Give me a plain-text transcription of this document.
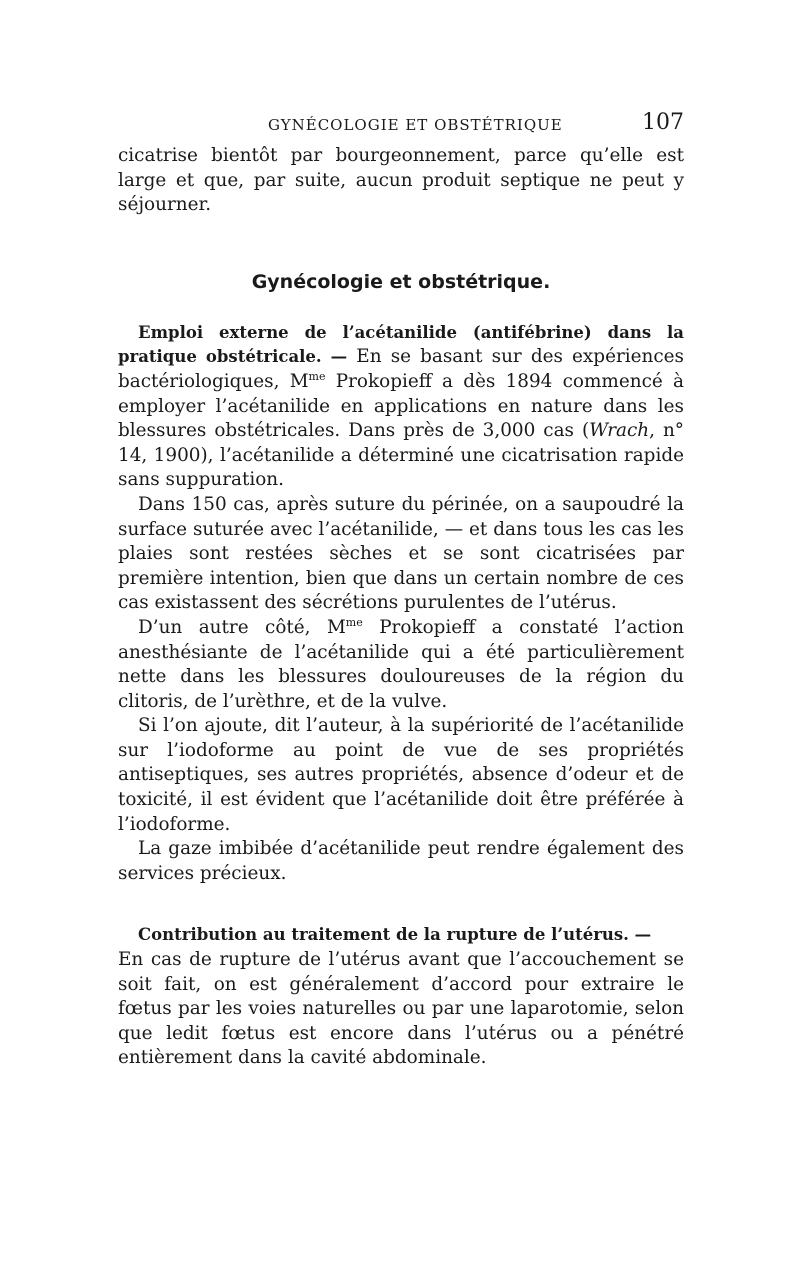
GYNÉCOLOGIE ET OBSTÉTRIQUE	107

cicatrise bientôt par bourgeonnement, parce qu’elle est large et que, par suite, aucun produit septique ne peut y séjourner.

Gynécologie et obstétrique.

Emploi externe de l’acétanilide (antifébrine) dans la pratique obstétricale. — En se basant sur des expériences bactériologiques, $M^{me}$ Prokopieff a dès 1894 commencé à employer l’acétanilide en applications en nature dans les blessures obstétricales. Dans près de 3,000 cas (Wrach, n° 14, 1900), l’acétanilide a déterminé une cicatrisation rapide sans suppuration.

Dans 150 cas, après suture du périnée, on a saupoudré la surface suturée avec l’acétanilide, — et dans tous les cas les plaies sont restées sèches et se sont cicatrisées par première intention, bien que dans un certain nombre de ces cas existassent des sécrétions purulentes de l’utérus.

D’un autre côté, $M^{me}$ Prokopieff a constaté l’action anesthésiante de l’acétanilide qui a été particulièrement nette dans les blessures douloureuses de la région du clitoris, de l’urèthre, et de la vulve.

Si l’on ajoute, dit l’auteur, à la supériorité de l’acétanilide sur l’iodoforme au point de vue de ses propriétés antiseptiques, ses autres propriétés, absence d’odeur et de toxicité, il est évident que l’acétanilide doit être préférée à l’iodoforme.

La gaze imbibée d’acétanilide peut rendre également des services précieux.

Contribution au traitement de la rupture de l’utérus. —

En cas de rupture de l’utérus avant que l’accouchement se soit fait, on est généralement d’accord pour extraire le fœtus par les voies naturelles ou par une laparotomie, selon que ledit fœtus est encore dans l’utérus ou a pénétré entièrement dans la cavité abdominale.
